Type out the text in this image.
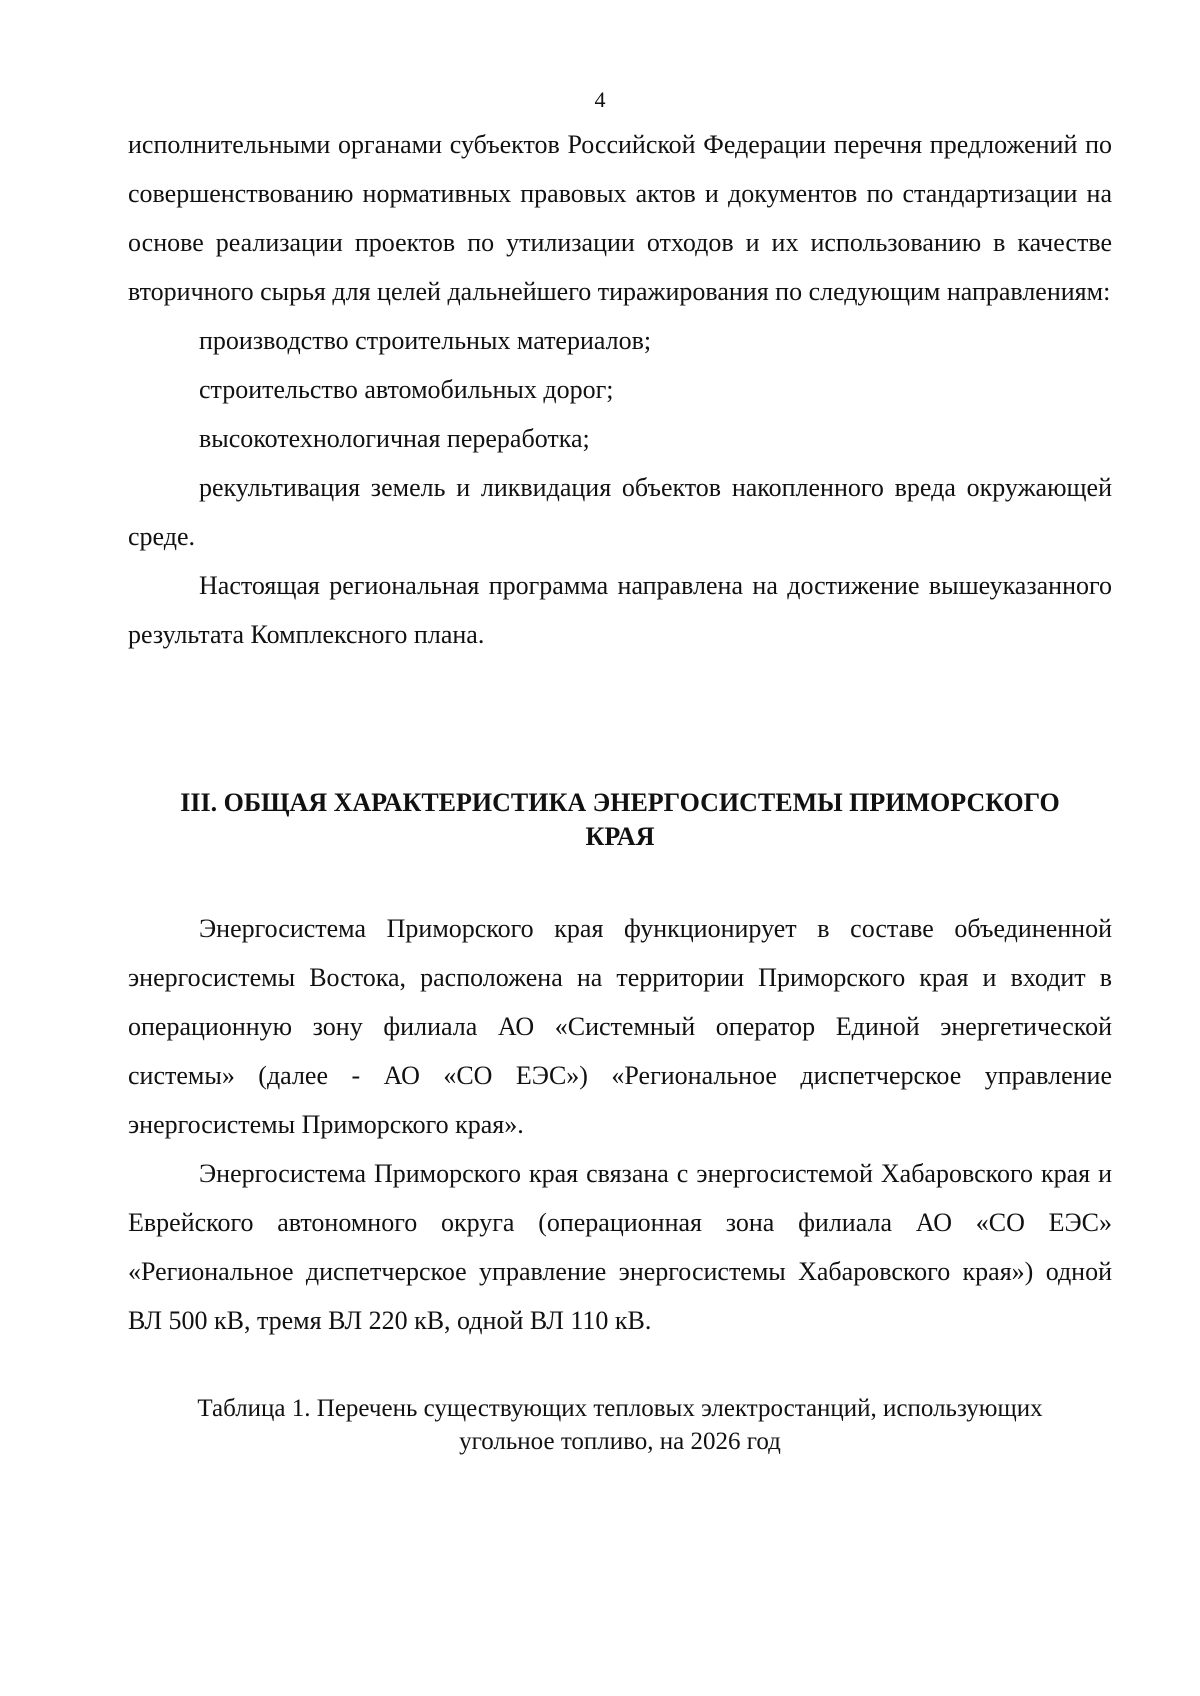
4

исполнительными органами субъектов Российской Федерации перечня предложений по совершенствованию нормативных правовых актов и документов по стандартизации на основе реализации проектов по утилизации отходов и их использованию в качестве вторичного сырья для целей дальнейшего тиражирования по следующим направлениям:

производство строительных материалов;

строительство автомобильных дорог;

высокотехнологичная переработка;

рекультивация земель и ликвидация объектов накопленного вреда окружающей среде.

Настоящая региональная программа направлена на достижение вышеуказанного результата Комплексного плана.

III. ОБЩАЯ ХАРАКТЕРИСТИКА ЭНЕРГОСИСТЕМЫ ПРИМОРСКОГО
КРАЯ

Энергосистема Приморского края функционирует в составе объединенной энергосистемы Востока, расположена на территории Приморского края и входит в операционную зону филиала АО «Системный оператор Единой энергетической системы» (далее - АО «СО ЕЭС») «Региональное диспетчерское управление энергосистемы Приморского края».

Энергосистема Приморского края связана с энергосистемой Хабаровского края и Еврейского автономного округа (операционная зона филиала АО «СО ЕЭС» «Региональное диспетчерское управление энергосистемы Хабаровского края») одной ВЛ 500 кВ, тремя ВЛ 220 кВ, одной ВЛ 110 кВ.

Таблица 1. Перечень существующих тепловых электростанций, использующих
угольное топливо, на 2026 год
